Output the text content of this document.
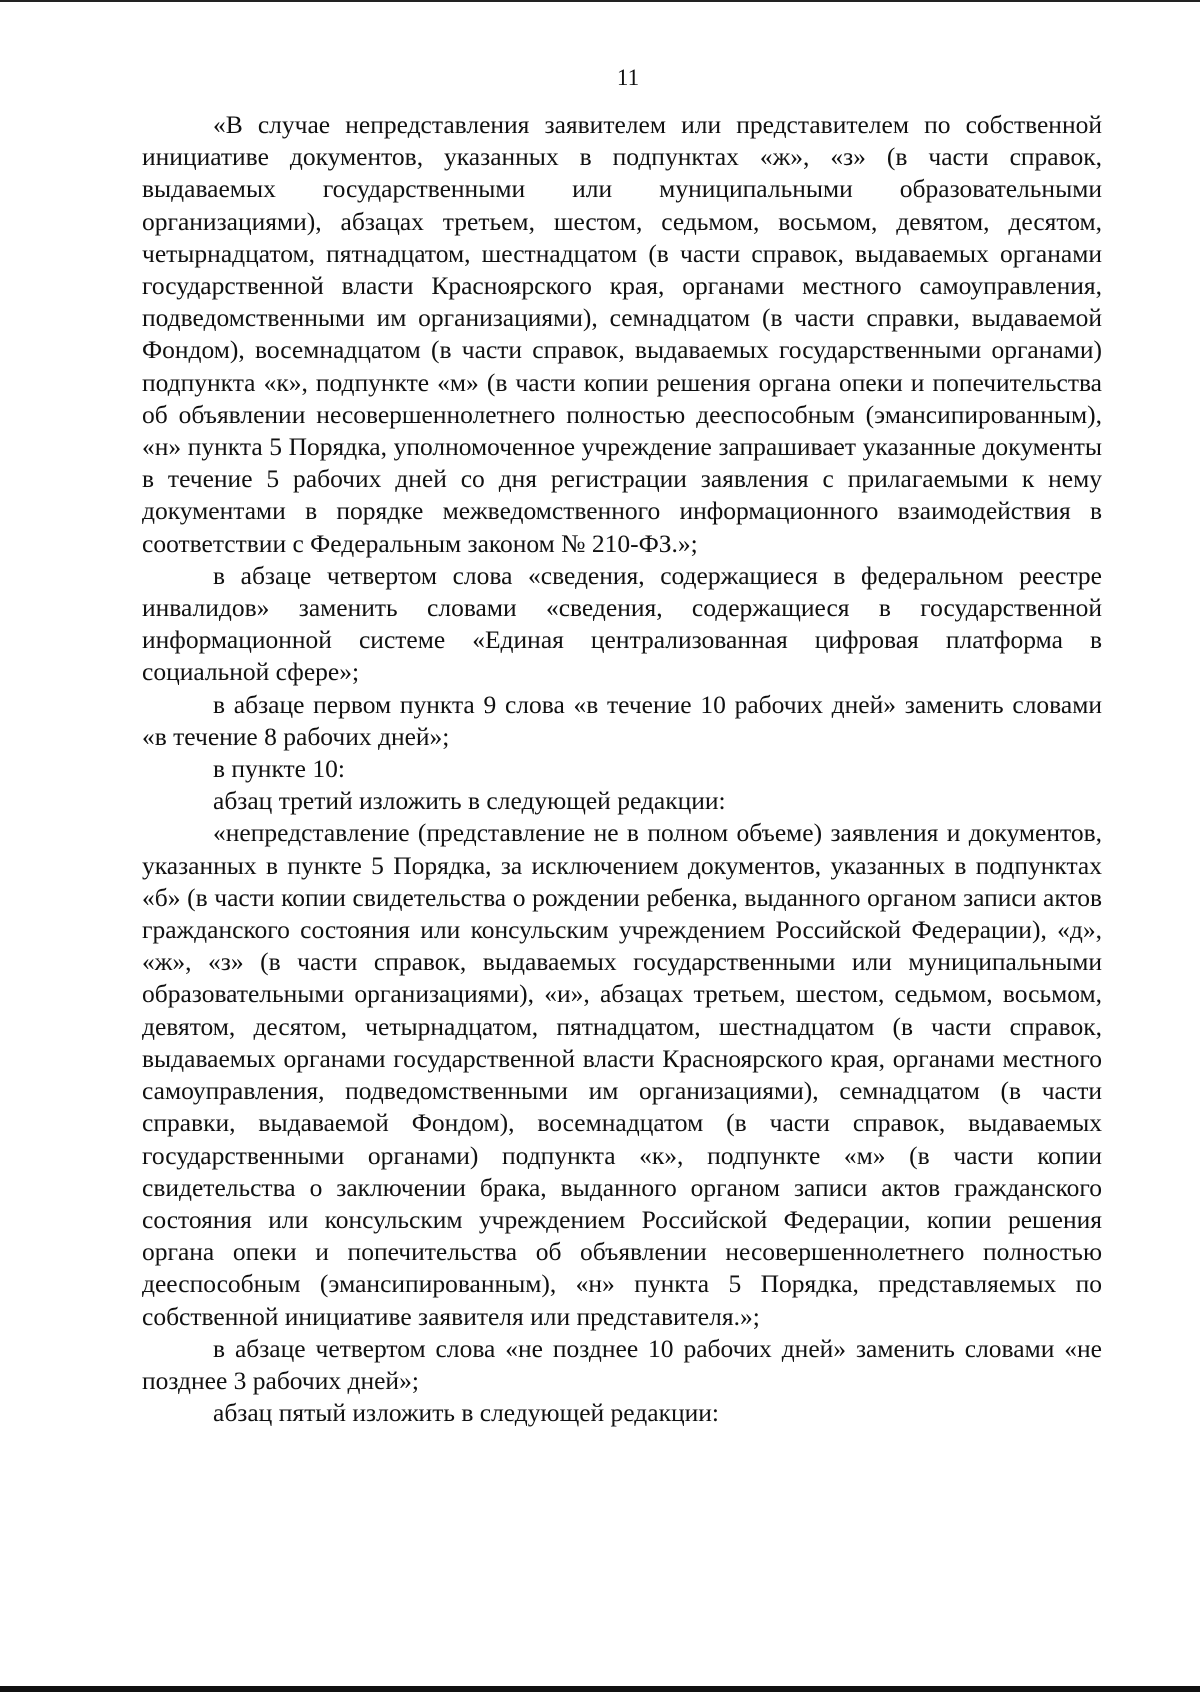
11

«В случае непредставления заявителем или представителем по собственной инициативе документов, указанных в подпунктах «ж», «з» (в части справок, выдаваемых государственными или муниципальными образовательными организациями), абзацах третьем, шестом, седьмом, восьмом, девятом, десятом, четырнадцатом, пятнадцатом, шестнадцатом (в части справок, выдаваемых органами государственной власти Красноярского края, органами местного самоуправления, подведомственными им организациями), семнадцатом (в части справки, выдаваемой Фондом), восемнадцатом (в части справок, выдаваемых государственными органами) подпункта «к», подпункте «м» (в части копии решения органа опеки и попечительства об объявлении несовершеннолетнего полностью дееспособным (эмансипированным), «н» пункта 5 Порядка, уполномоченное учреждение запрашивает указанные документы в течение 5 рабочих дней со дня регистрации заявления с прилагаемыми к нему документами в порядке межведомственного информационного взаимодействия в соответствии с Федеральным законом № 210-ФЗ.»;

в абзаце четвертом слова «сведения, содержащиеся в федеральном реестре инвалидов» заменить словами «сведения, содержащиеся в государственной информационной системе «Единая централизованная цифровая платформа в социальной сфере»;

в абзаце первом пункта 9 слова «в течение 10 рабочих дней» заменить словами «в течение 8 рабочих дней»;

в пункте 10:

абзац третий изложить в следующей редакции:

«непредставление (представление не в полном объеме) заявления и документов, указанных в пункте 5 Порядка, за исключением документов, указанных в подпунктах «б» (в части копии свидетельства о рождении ребенка, выданного органом записи актов гражданского состояния или консульским учреждением Российской Федерации), «д», «ж», «з» (в части справок, выдаваемых государственными или муниципальными образовательными организациями), «и», абзацах третьем, шестом, седьмом, восьмом, девятом, десятом, четырнадцатом, пятнадцатом, шестнадцатом (в части справок, выдаваемых органами государственной власти Красноярского края, органами местного самоуправления, подведомственными им организациями), семнадцатом (в части справки, выдаваемой Фондом), восемнадцатом (в части справок, выдаваемых государственными органами) подпункта «к», подпункте «м» (в части копии свидетельства о заключении брака, выданного органом записи актов гражданского состояния или консульским учреждением Российской Федерации, копии решения органа опеки и попечительства об объявлении несовершеннолетнего полностью дееспособным (эмансипированным), «н» пункта 5 Порядка, представляемых по собственной инициативе заявителя или представителя.»;

в абзаце четвертом слова «не позднее 10 рабочих дней» заменить словами «не позднее 3 рабочих дней»;

абзац пятый изложить в следующей редакции:
